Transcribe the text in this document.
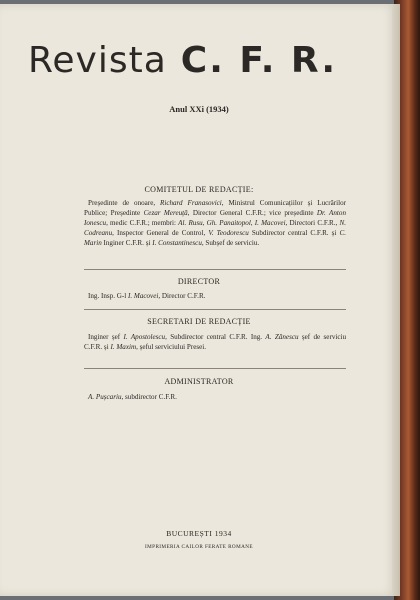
Revista C. F. R.
Anul XXi (1934)
COMITETUL DE REDACȚIE:
Președinte de onoare, Richard Franasovici, Ministrul Comunicațiilor și Lucrărilor Publice; Președinte Cezar Mereuță, Director General C.F.R.; vice președinte Dr. Anton Ionescu, medic C.F.R.; membri: Al. Rusu, Gh. Panaitopol, I. Macovei, Directori C.F.R., N. Codreanu, Inspector General de Control, V. Teodorescu Subdirector central C.F.R. și C. Marin Inginer C.F.R. și I. Constantinescu, Subșef de serviciu.
DIRECTOR
Ing. Insp. G-l I. Macovei, Director C.F.R.
SECRETARI DE REDACȚIE
Inginer șef I. Apostolescu, Subdirector central C.F.R. Ing. A. Zănescu șef de serviciu C.F.R. și I. Maxim, șeful serviciului Presei.
ADMINISTRATOR
A. Pușcariu, subdirector C.F.R.
BUCUREȘTI 1934
IMPRIMERIA CAILOR FERATE ROMANE
